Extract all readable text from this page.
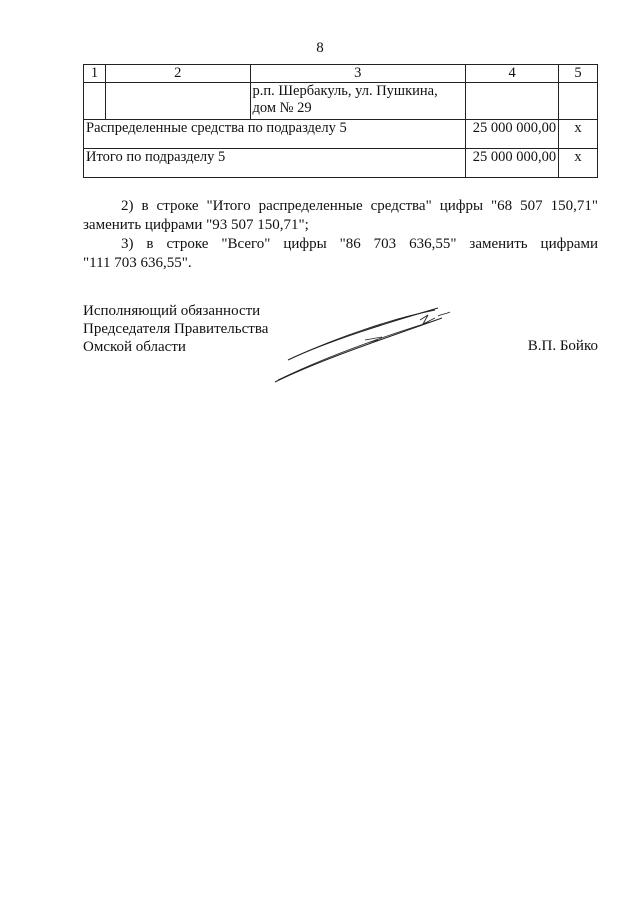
8
1	2	3	4	5
		р.п. Шербакуль, ул. Пушкина,
дом № 29		
Распределенные средства по подразделу 5			25 000 000,00	x
Итого по подразделу 5			25 000 000,00	x
2) в строке "Итого распределенные средства" цифры "68 507 150,71"
заменить цифрами "93 507 150,71";
3) в строке "Всего" цифры "86 703 636,55" заменить цифрами
"111 703 636,55".
Исполняющий обязанности
Председателя Правительства
Омской области	В.П. Бойко
